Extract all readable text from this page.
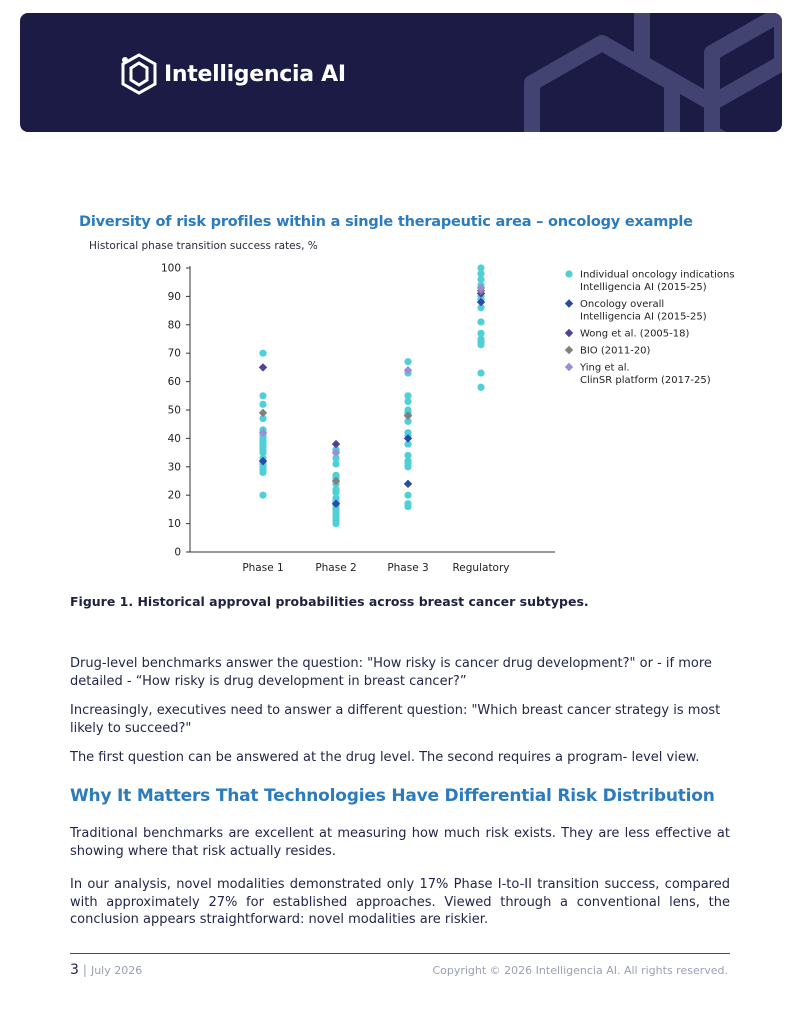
Intelligencia AI
Diversity of risk profiles within a single therapeutic area – oncology example
Historical phase transition success rates, %
0
10
20
30
40
50
60
70
80
90
100
Phase 1	Phase 2	Phase 3 Regulatory
Individual oncology indications
Intelligencia AI (2015-25)
Oncology overall
Intelligencia AI (2015-25)
Wong et al. (2005-18)
BIO (2011-20)
Ying et al.
ClinSR platform (2017-25)
Figure 1. Historical approval probabilities across breast cancer subtypes.

Drug-level benchmarks answer the question: "How risky is cancer drug development?" or - if more detailed - “How risky is drug development in breast cancer?”

Increasingly, executives need to answer a different question: "Which breast cancer strategy is most likely to succeed?"

The first question can be answered at the drug level. The second requires a program- level view.

Why It Matters That Technologies Have Differential Risk Distribution

Traditional benchmarks are excellent at measuring how much risk exists. They are less effective at showing where that risk actually resides.

In our analysis, novel modalities demonstrated only 17% Phase I-to-II transition success, compared with approximately 27% for established approaches. Viewed through a conventional lens, the conclusion appears straightforward: novel modalities are riskier.

3 | July 2026	Copyright © 2026 Intelligencia AI. All rights reserved.
